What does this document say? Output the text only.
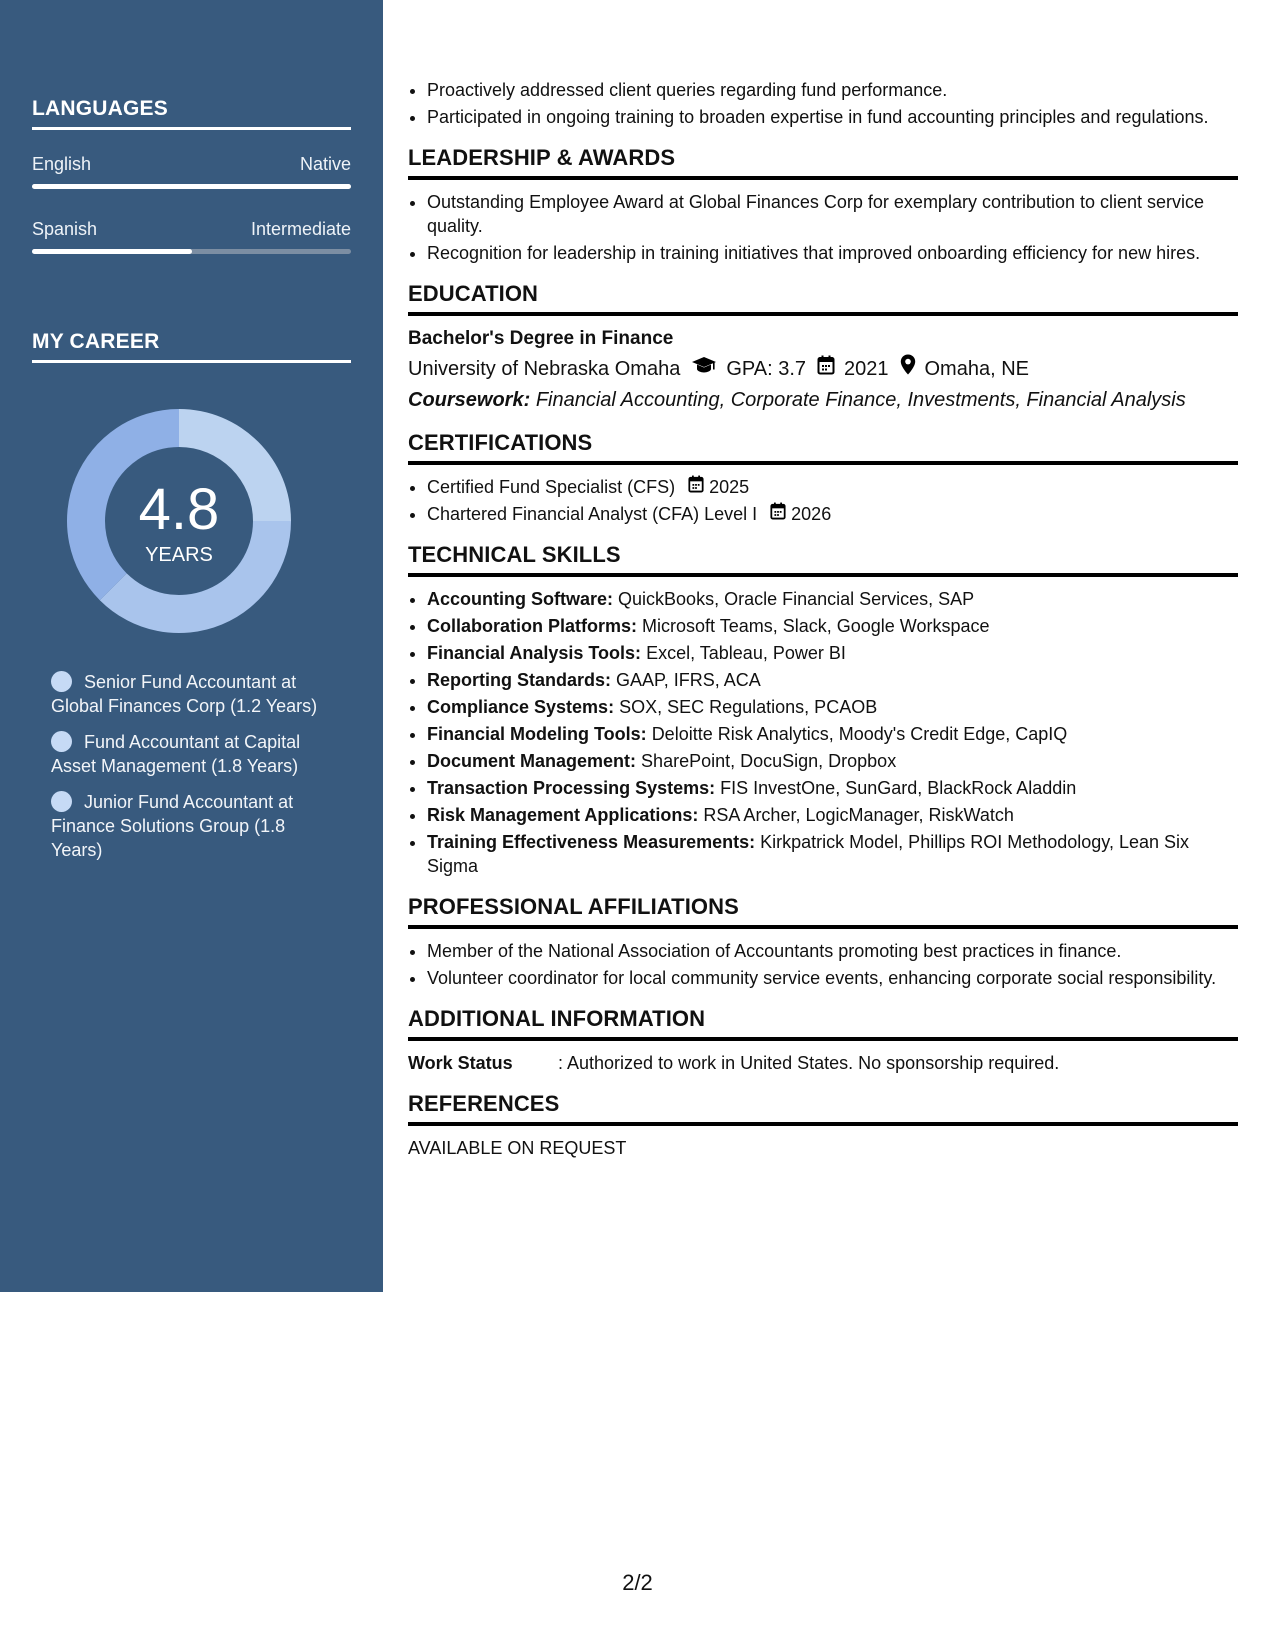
LANGUAGES
English	Native
Spanish	Intermediate
MY CAREER
4.8
YEARS
Senior Fund Accountant at Global Finances Corp (1.2 Years)
Fund Accountant at Capital Asset Management (1.8 Years)
Junior Fund Accountant at Finance Solutions Group (1.8 Years)
• Proactively addressed client queries regarding fund performance.
• Participated in ongoing training to broaden expertise in fund accounting principles and regulations.
LEADERSHIP & AWARDS
• Outstanding Employee Award at Global Finances Corp for exemplary contribution to client service quality.
• Recognition for leadership in training initiatives that improved onboarding efficiency for new hires.
EDUCATION
Bachelor's Degree in Finance
University of Nebraska Omaha GPA: 3.7 2021 Omaha, NE
Coursework: Financial Accounting, Corporate Finance, Investments, Financial Analysis
CERTIFICATIONS
• Certified Fund Specialist (CFS) 2025
• Chartered Financial Analyst (CFA) Level I 2026
TECHNICAL SKILLS
• Accounting Software: QuickBooks, Oracle Financial Services, SAP
• Collaboration Platforms: Microsoft Teams, Slack, Google Workspace
• Financial Analysis Tools: Excel, Tableau, Power BI
• Reporting Standards: GAAP, IFRS, ACA
• Compliance Systems: SOX, SEC Regulations, PCAOB
• Financial Modeling Tools: Deloitte Risk Analytics, Moody's Credit Edge, CapIQ
• Document Management: SharePoint, DocuSign, Dropbox
• Transaction Processing Systems: FIS InvestOne, SunGard, BlackRock Aladdin
• Risk Management Applications: RSA Archer, LogicManager, RiskWatch
• Training Effectiveness Measurements: Kirkpatrick Model, Phillips ROI Methodology, Lean Six Sigma
PROFESSIONAL AFFILIATIONS
• Member of the National Association of Accountants promoting best practices in finance.
• Volunteer coordinator for local community service events, enhancing corporate social responsibility.
ADDITIONAL INFORMATION
Work Status	: Authorized to work in United States. No sponsorship required.
REFERENCES
AVAILABLE ON REQUEST
2/2
